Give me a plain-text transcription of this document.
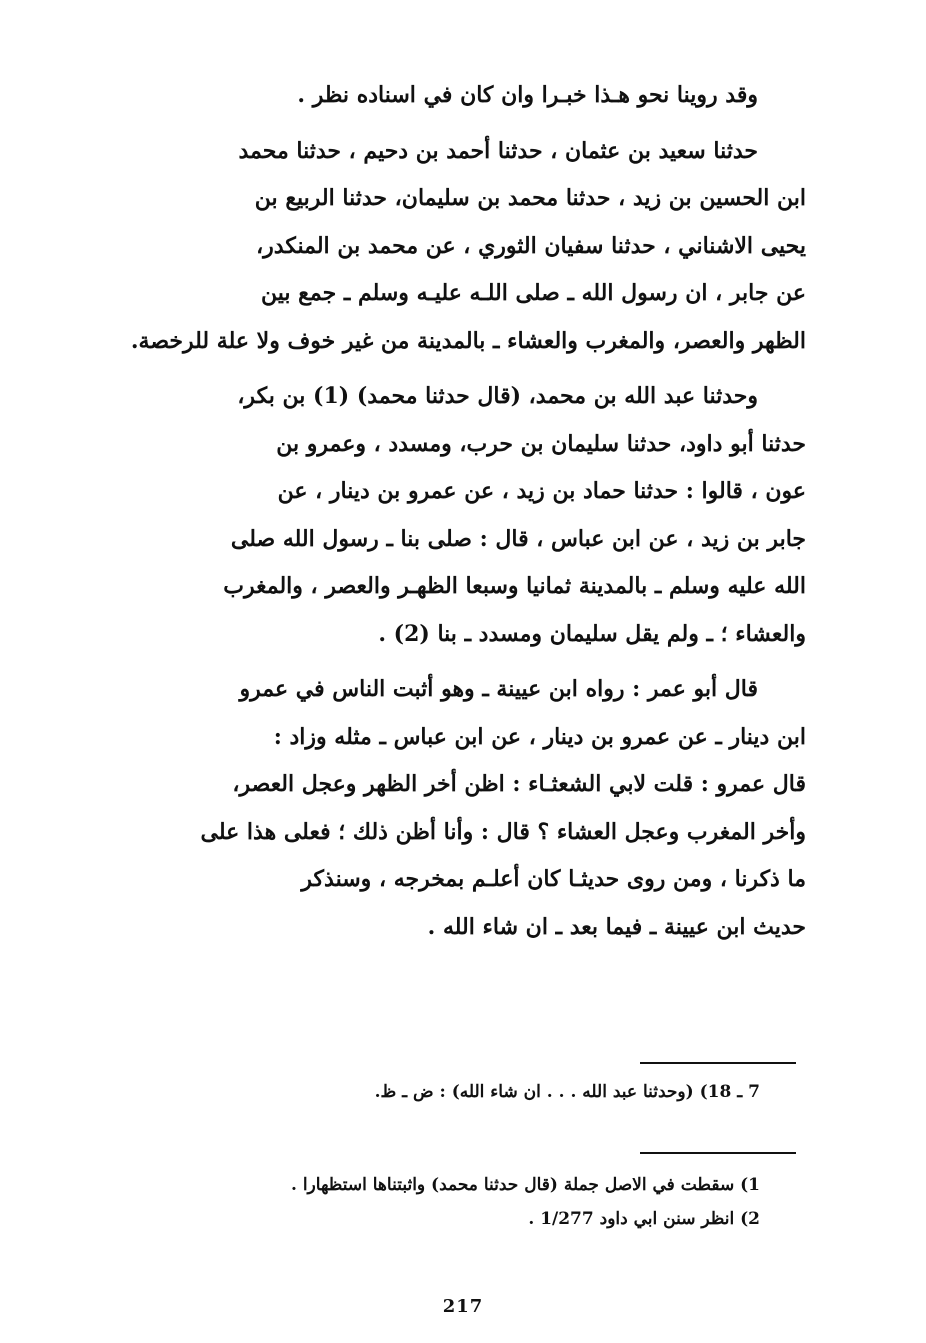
وقد روينا نحو هـذا خبـرا وان كان في اسناده نظر .

حدثنا سعيد بن عثمان ، حدثنا أحمد بن دحيم ، حدثنا محمد
ابن الحسين بن زيد ، حدثنا محمد بن سليمان، حدثنا الربيع بن
يحيى الاشناني ، حدثنا سفيان الثوري ، عن محمد بن المنكدر،
عن جابر ، ان رسول الله ـ صلى اللـه عليـه وسلم ـ جمع بين
الظهر والعصر، والمغرب والعشاء ـ بالمدينة من غير خوف ولا علة للرخصة.

وحدثنا عبد الله بن محمد، (قال حدثنا محمد) (1) بن بكر،
حدثنا أبو داود، حدثنا سليمان بن حرب، ومسدد ، وعمرو بن
عون ، قالوا : حدثنا حماد بن زيد ، عن عمرو بن دينار ، عن
جابر بن زيد ، عن ابن عباس ، قال : صلى بنا ـ رسول الله صلى
الله عليه وسلم ـ بالمدينة ثمانيا وسبعا الظهـر والعصر ، والمغرب
والعشاء ؛ ـ ولم يقل سليمان ومسدد ـ بنا (2) .

قال أبو عمر : رواه ابن عيينة ـ وهو أثبت الناس في عمرو
ابن دينار ـ عن عمرو بن دينار ، عن ابن عباس ـ مثله وزاد :
قال عمرو : قلت لابي الشعثـاء : اظن أخر الظهر وعجل العصر،
وأخر المغرب وعجل العشاء ؟ قال : وأنا أظن ذلك ؛ فعلى هذا على
ما ذكرنا ، ومن روى حديثـا كان أعلـم بمخرجه ، وسنذكر
حديث ابن عيينة ـ فيما بعد ـ ان شاء الله .

7 ـ 18) (وحدثنا عبد الله . . . ان شاء الله) : ض ـ ظ.
1) سقطت في الاصل جملة (قال حدثنا محمد) واثبتناها استظهارا .
2) انظر سنن ابي داود 1/277 .
217
